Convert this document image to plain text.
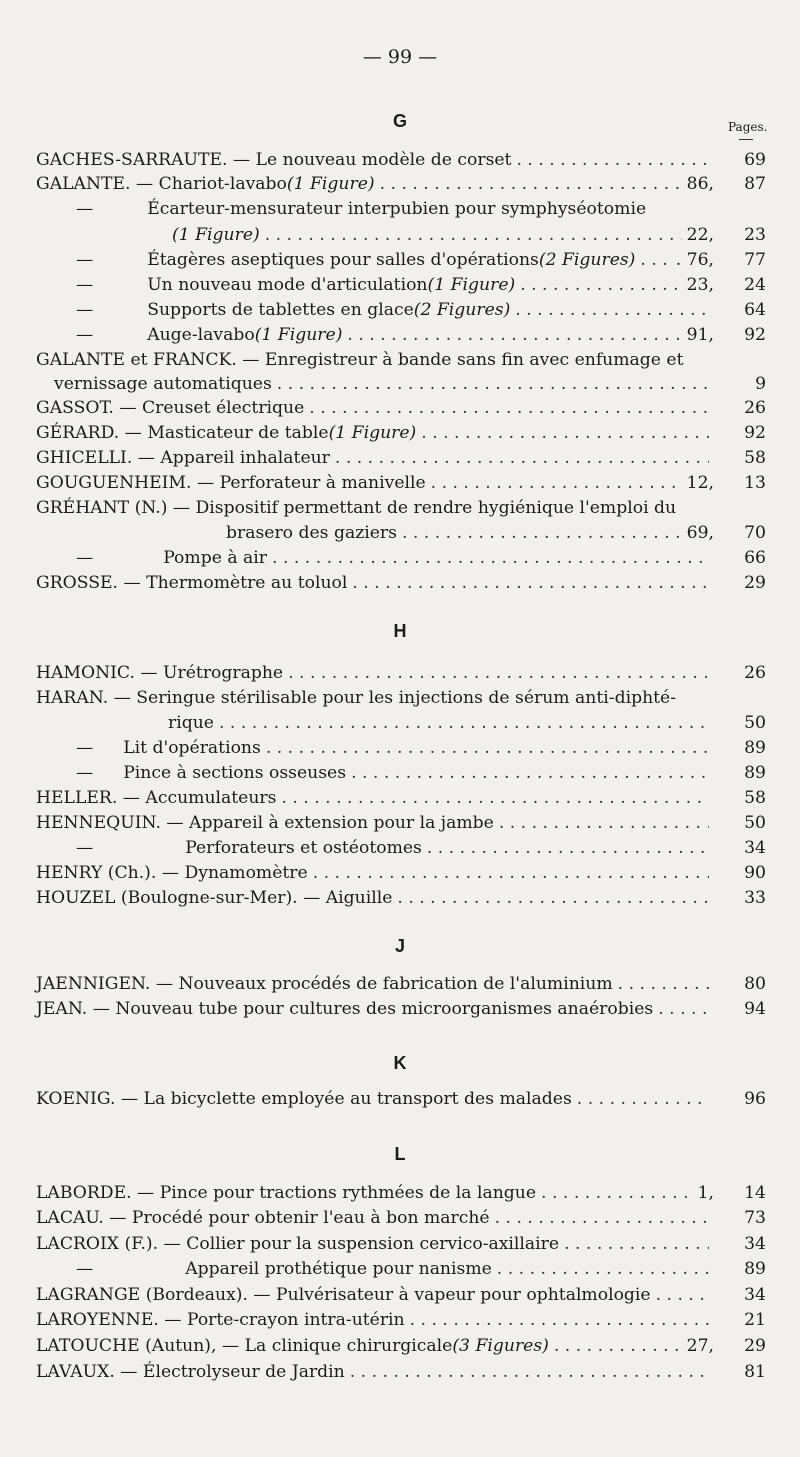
— 99 —
Pages.
G
H
J
K
L
GACHES-SARRAUTE. — Le nouveau modèle de corset . . .	69
GALANTE. — Chariot-lavabo (1 Figure) . . .	86,	87
—	Écarteur-mensurateur interpubien pour symphyséotomie
(1 Figure) . . .	22,	23
—	Étagères aseptiques pour salles d'opérations (2 Figures) . . . . 76,	77
—	Un nouveau mode d'articulation (1 Figure) . . .	23,	24
—	Supports de tablettes en glace (2 Figures) . . .	64
—	Auge-lavabo (1 Figure) . . .	91,	92
GALANTE et FRANCK. — Enregistreur à bande sans fin avec enfumage et
vernissage automatiques . . .	9
GASSOT. — Creuset électrique . . .	26
GÉRARD. — Masticateur de table (1 Figure) . . .	92
GHICELLI. — Appareil inhalateur . . .	58
GOUGUENHEIM. — Perforateur à manivelle . . .	12,	13
GRÉHANT (N.) — Dispositif permettant de rendre hygiénique l'emploi du
brasero des gaziers . . .	69,	70
—	Pompe à air . . .	66
GROSSE. — Thermomètre au toluol . . .	29
HAMONIC. — Urétrographe . . .	26
HARAN. — Seringue stérilisable pour les injections de sérum anti-diphté-
rique . . .	50
— Lit d'opérations . . .	89
— Pince à sections osseuses . . .	89
HELLER. — Accumulateurs . . .	58
HENNEQUIN. — Appareil à extension pour la jambe . . .	50
—	Perforateurs et ostéotomes . . .	34
HENRY (Ch.). — Dynamomètre . . .	90
HOUZEL (Boulogne-sur-Mer). — Aiguille . . .	33
JAENNIGEN. — Nouveaux procédés de fabrication de l'aluminium . . .	80
JEAN. — Nouveau tube pour cultures des microorganismes anaérobies . . .	94
KOENIG. — La bicyclette employée au transport des malades . . .	96
LABORDE. — Pince pour tractions rythmées de la langue . . .	1,	14
LACAU. — Procédé pour obtenir l'eau à bon marché . . .	73
LACROIX (F.). — Collier pour la suspension cervico-axillaire . . .	34
—	Appareil prothétique pour nanisme . . .	89
LAGRANGE (Bordeaux). — Pulvérisateur à vapeur pour ophtalmologie . . .	34
LAROYENNE. — Porte-crayon intra-utérin . . .	21
LATOUCHE (Autun), — La clinique chirurgicale (3 Figures) . . .	27,	29
LAVAUX. — Électrolyseur de Jardin . . .	81
